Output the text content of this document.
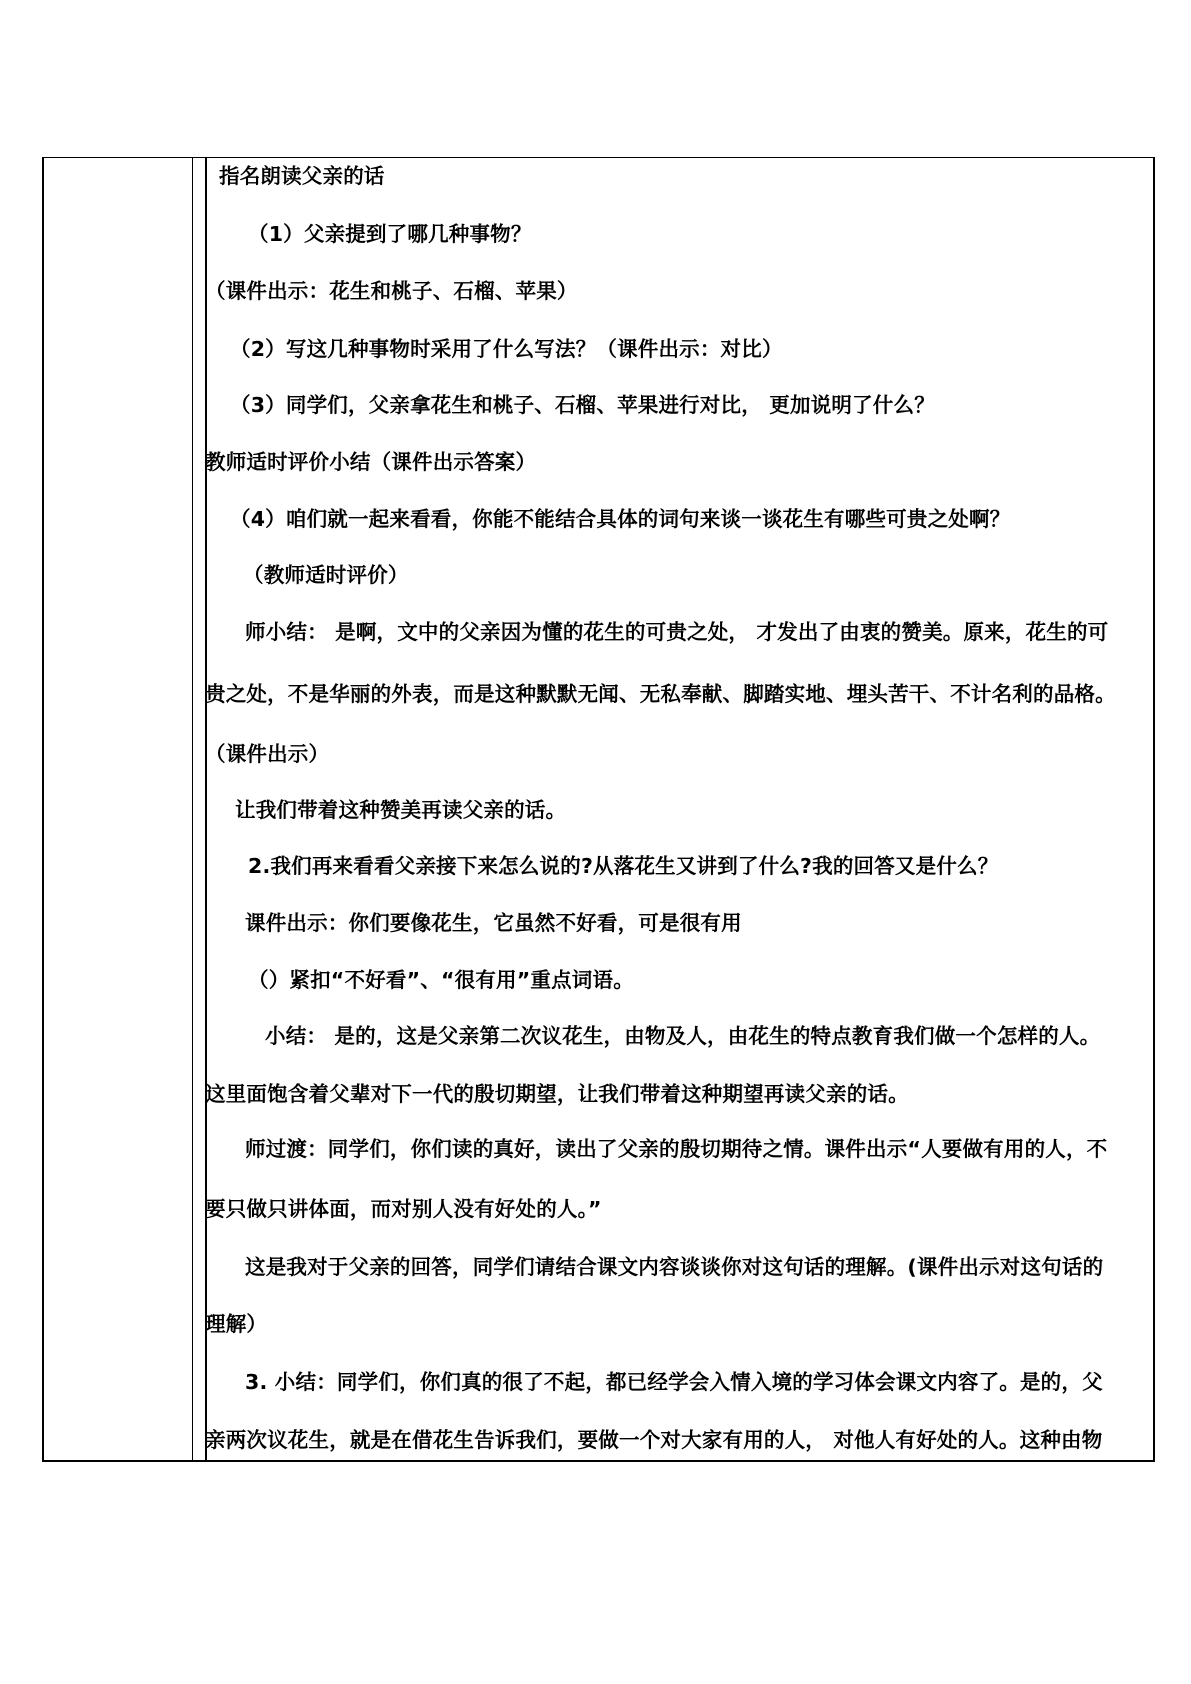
指名朗读父亲的话
（1）父亲提到了哪几种事物？
（课件出示：花生和桃子、石榴、苹果）
（2）写这几种事物时采用了什么写法？（课件出示：对比）
（3）同学们，父亲拿花生和桃子、石榴、苹果进行对比， 更加说明了什么？
教师适时评价小结（课件出示答案）
（4）咱们就一起来看看，你能不能结合具体的词句来谈一谈花生有哪些可贵之处啊？
（教师适时评价）
师小结： 是啊，文中的父亲因为懂的花生的可贵之处， 才发出了由衷的赞美。原来，花生的可
贵之处，不是华丽的外表，而是这种默默无闻、无私奉献、脚踏实地、埋头苦干、不计名利的品格。
（课件出示）
让我们带着这种赞美再读父亲的话。
2.我们再来看看父亲接下来怎么说的?从落花生又讲到了什么?我的回答又是什么？
课件出示：你们要像花生，它虽然不好看，可是很有用
（）紧扣“不好看”、“很有用”重点词语。
小结： 是的，这是父亲第二次议花生，由物及人，由花生的特点教育我们做一个怎样的人。
这里面饱含着父辈对下一代的殷切期望，让我们带着这种期望再读父亲的话。
师过渡：同学们，你们读的真好，读出了父亲的殷切期待之情。课件出示“人要做有用的人，不
要只做只讲体面，而对别人没有好处的人。”
这是我对于父亲的回答，同学们请结合课文内容谈谈你对这句话的理解。(课件出示对这句话的
理解）
3. 小结：同学们，你们真的很了不起，都已经学会入情入境的学习体会课文内容了。是的，父
亲两次议花生，就是在借花生告诉我们，要做一个对大家有用的人， 对他人有好处的人。这种由物
